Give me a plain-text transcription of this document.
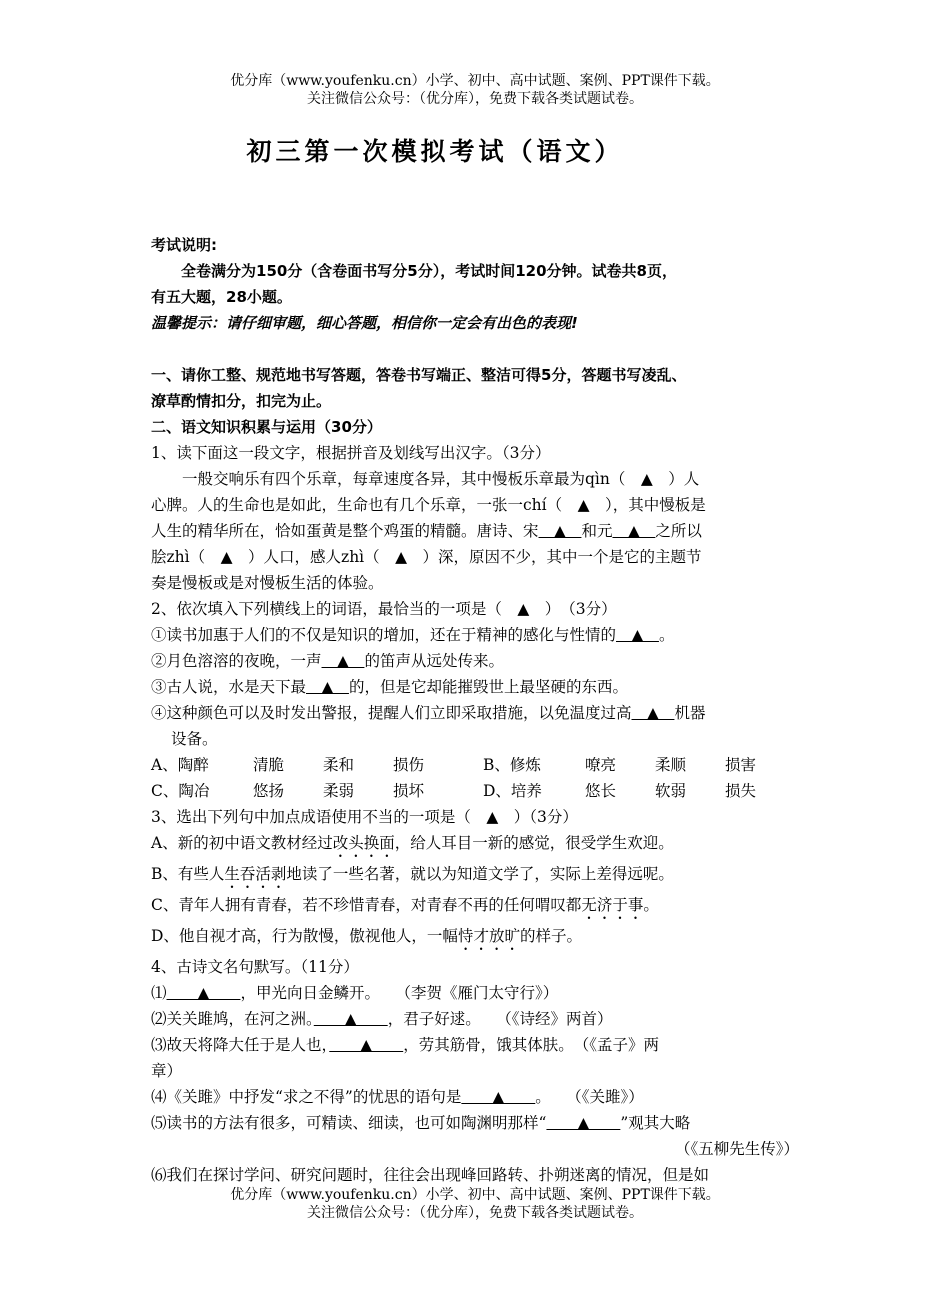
优分库（www.youfenku.cn）小学、初中、高中试题、案例、PPT课件下载。
关注微信公众号：（优分库），免费下载各类试题试卷。
初三第一次模拟考试（语文）
考试说明:
全卷满分为150分（含卷面书写分5分），考试时间120分钟。试卷共8页，
有五大题，28小题。
温馨提示：请仔细审题，细心答题，相信你一定会有出色的表现!
一、请你工整、规范地书写答题，答卷书写端正、整洁可得5分，答题书写凌乱、
潦草酌情扣分，扣完为止。
二、语文知识积累与运用（30分）
1、读下面这一段文字，根据拼音及划线写出汉字。（3分）
一般交响乐有四个乐章，每章速度各异，其中慢板乐章最为qìn（　▲　）人
心脾。人的生命也是如此，生命也有几个乐章，一张一chí（　▲　），其中慢板是
人生的精华所在，恰如蛋黄是整个鸡蛋的精髓。唐诗、宋　▲　和元　▲　之所以
脍zhì（　▲　）人口，感人zhì（　▲　）深，原因不少，其中一个是它的主题节
奏是慢板或是对慢板生活的体验。
2、依次填入下列横线上的词语，最恰当的一项是（　▲　）　（3分）
①读书加惠于人们的不仅是知识的增加，还在于精神的感化与性情的　▲　。
②月色溶溶的夜晚，一声　▲　的笛声从远处传来。
③古人说，水是天下最　▲　的，但是它却能摧毁世上最坚硬的东西。
④这种颜色可以及时发出警报，提醒人们立即采取措施，以免温度过高　▲　机器
设备。
A、陶醉	清脆	柔和	损伤	B、修炼	嘹亮	柔顺	损害
C、陶冶	悠扬	柔弱	损坏	D、培养	悠长	软弱	损失
3、选出下列句中加点成语使用不当的一项是（　▲　）（3分）
A、新的初中语文教材经过改头换面，给人耳目一新的感觉，很受学生欢迎。
B、有些人生吞活剥地读了一些名著，就以为知道文学了，实际上差得远呢。
C、青年人拥有青春，若不珍惜青春，对青春不再的任何喟叹都无济于事。
D、他自视才高，行为散慢，傲视他人，一幅恃才放旷的样子。
4、古诗文名句默写。（11分）
⑴　　▲　　，甲光向日金鳞开。　　（李贺《雁门太守行》）
⑵关关雎鸠，在河之洲。　　▲　　，君子好逑。　　（《诗经》两首）
⑶故天将降大任于是人也，　　▲　　，劳其筋骨，饿其体肤。　（《孟子》两
章）
⑷《关雎》中抒发“求之不得”的忧思的语句是　　▲　　。　　（《关雎》）
⑸读书的方法有很多，可精读、细读，也可如陶渊明那样“　　▲　　”观其大略
（《五柳先生传》）
⑹我们在探讨学问、研究问题时，往往会出现峰回路转、扑朔迷离的情况，但是如
优分库（www.youfenku.cn）小学、初中、高中试题、案例、PPT课件下载。
关注微信公众号：（优分库），免费下载各类试题试卷。
